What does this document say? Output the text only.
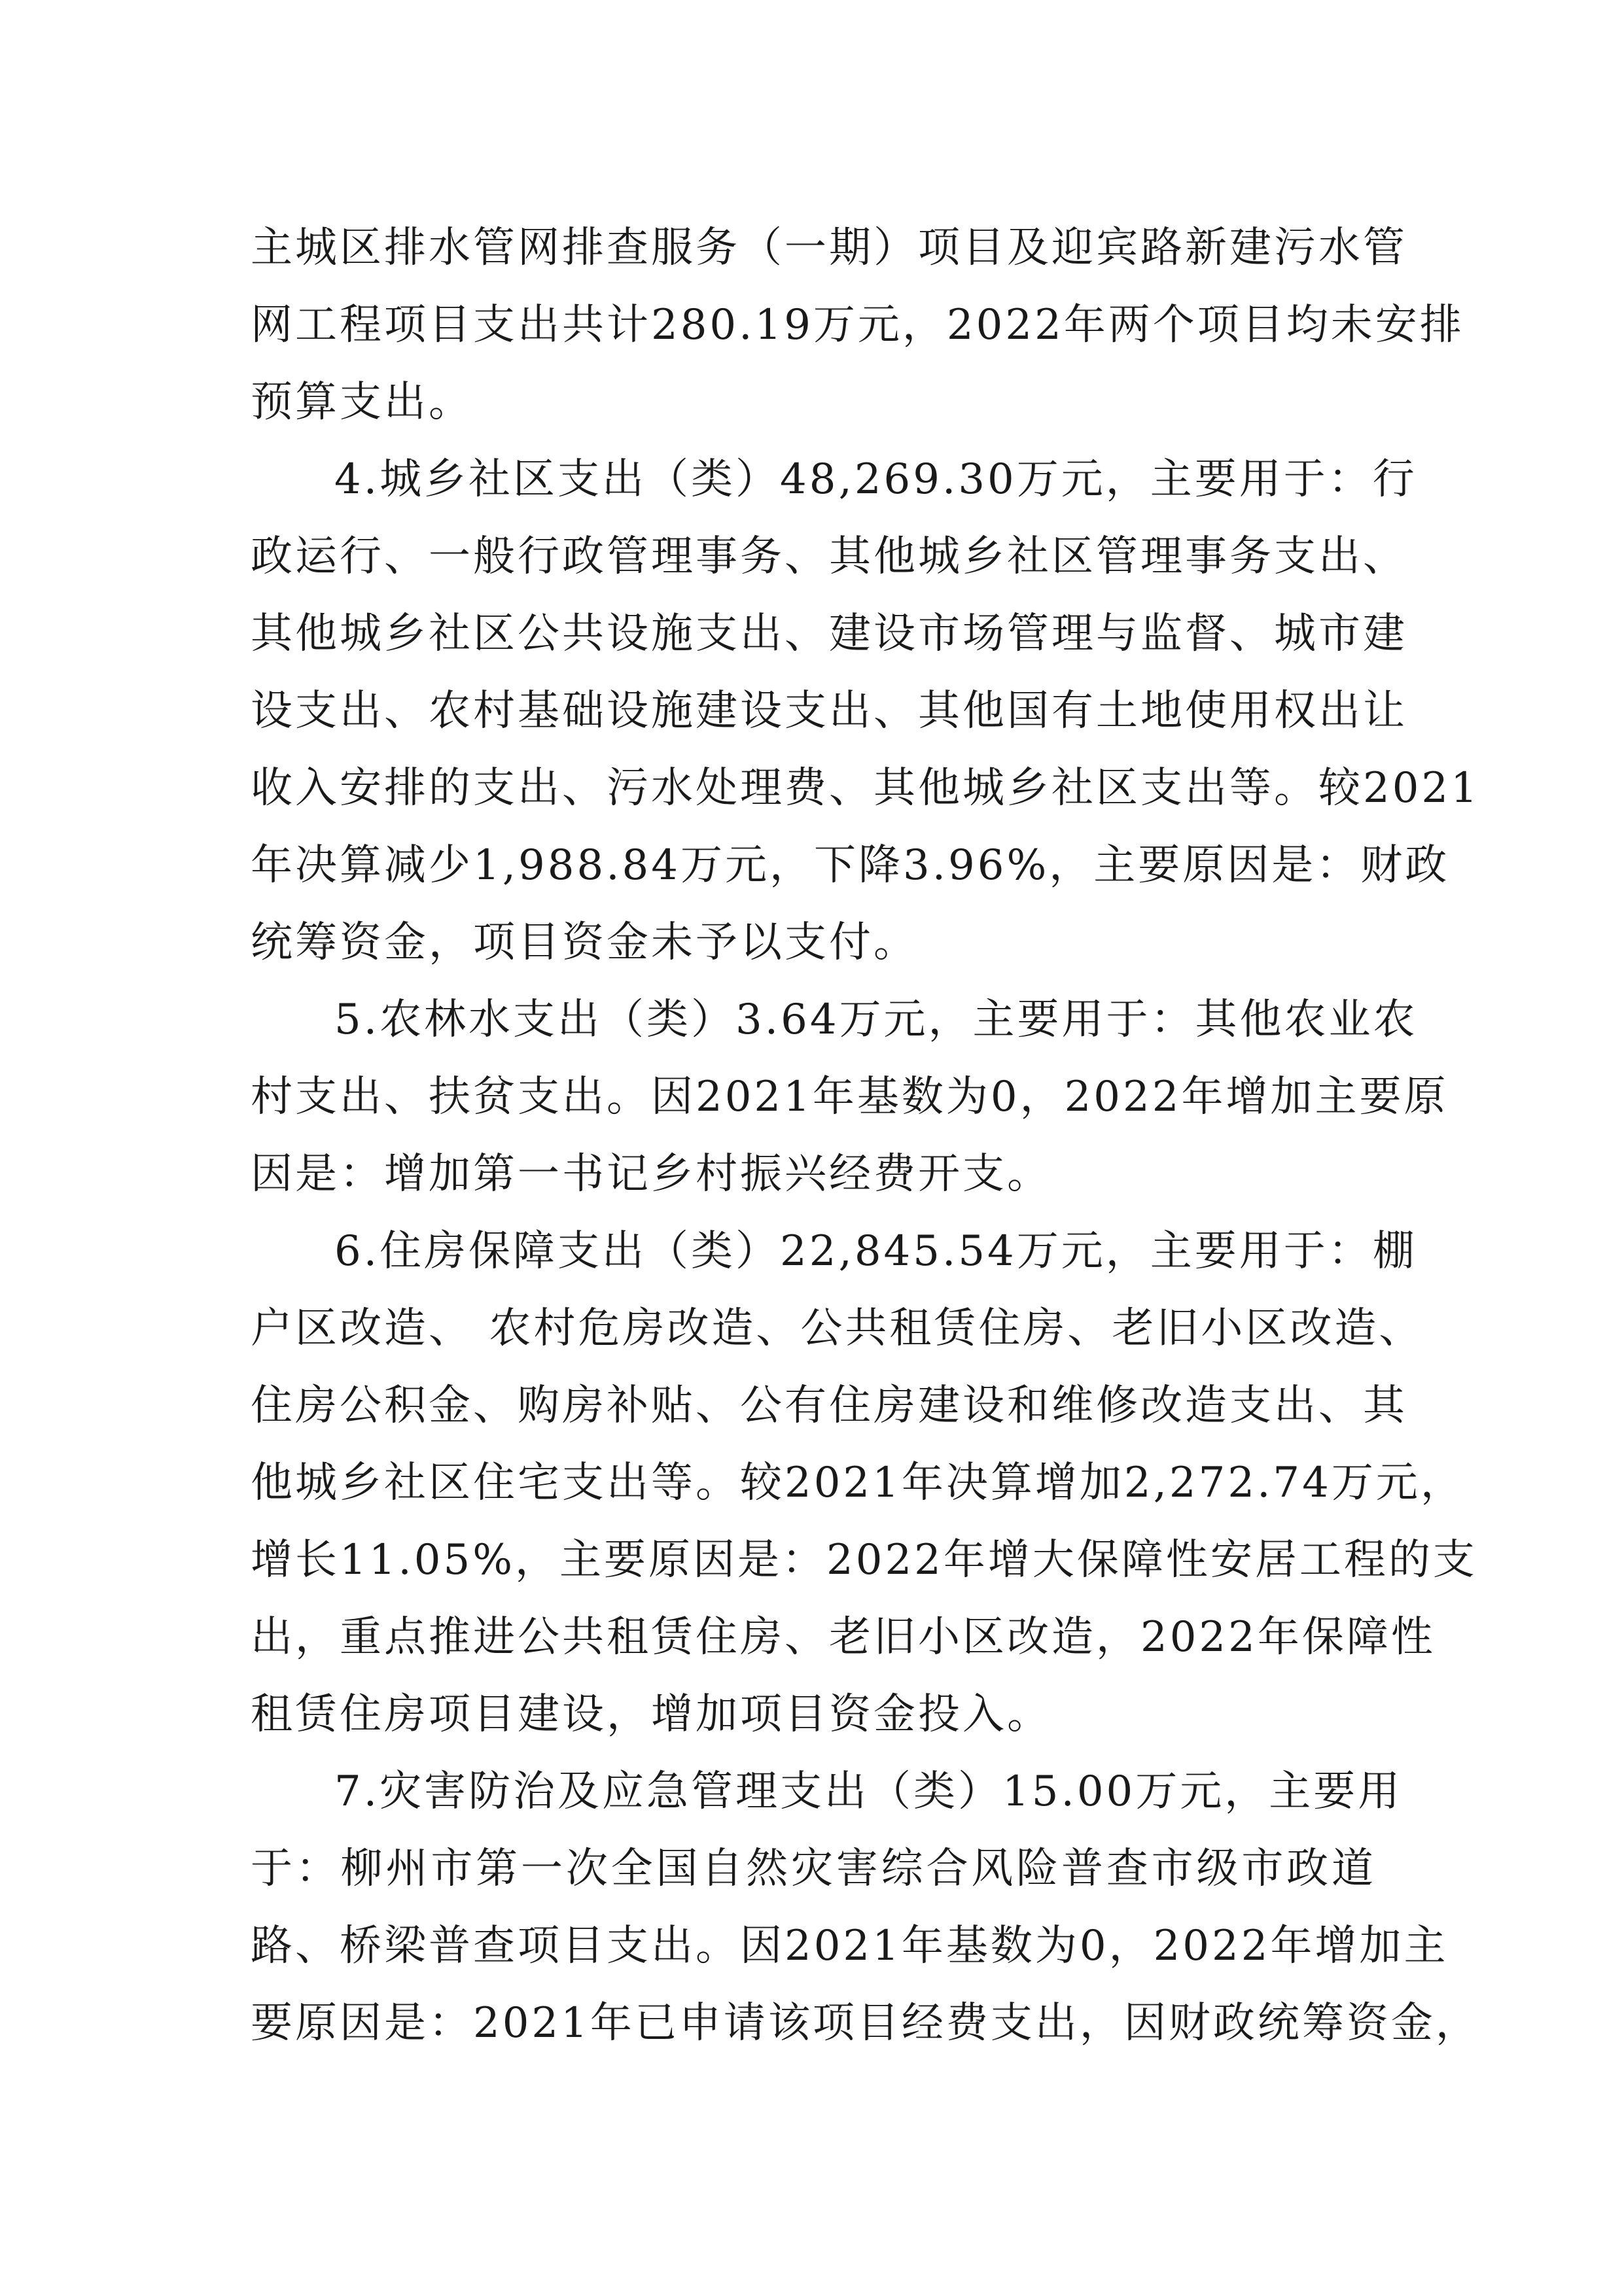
主城区排水管网排查服务（一期）项目及迎宾路新建污水管
网工程项目支出共计280.19万元，2022年两个项目均未安排
预算支出。
4.城乡社区支出（类）48,269.30万元，主要用于：行
政运行、一般行政管理事务、其他城乡社区管理事务支出、
其他城乡社区公共设施支出、建设市场管理与监督、城市建
设支出、农村基础设施建设支出、其他国有土地使用权出让
收入安排的支出、污水处理费、其他城乡社区支出等。较2021
年决算减少1,988.84万元，下降3.96%，主要原因是：财政
统筹资金，项目资金未予以支付。
5.农林水支出（类）3.64万元，主要用于：其他农业农
村支出、扶贫支出。因2021年基数为0，2022年增加主要原
因是：增加第一书记乡村振兴经费开支。
6.住房保障支出（类）22,845.54万元，主要用于：棚
户区改造、 农村危房改造、公共租赁住房、老旧小区改造、
住房公积金、购房补贴、公有住房建设和维修改造支出、其
他城乡社区住宅支出等。较2021年决算增加2,272.74万元，
增长11.05%，主要原因是：2022年增大保障性安居工程的支
出，重点推进公共租赁住房、老旧小区改造，2022年保障性
租赁住房项目建设，增加项目资金投入。
7.灾害防治及应急管理支出（类）15.00万元，主要用
于：柳州市第一次全国自然灾害综合风险普查市级市政道
路、桥梁普查项目支出。因2021年基数为0，2022年增加主
要原因是：2021年已申请该项目经费支出，因财政统筹资金，
